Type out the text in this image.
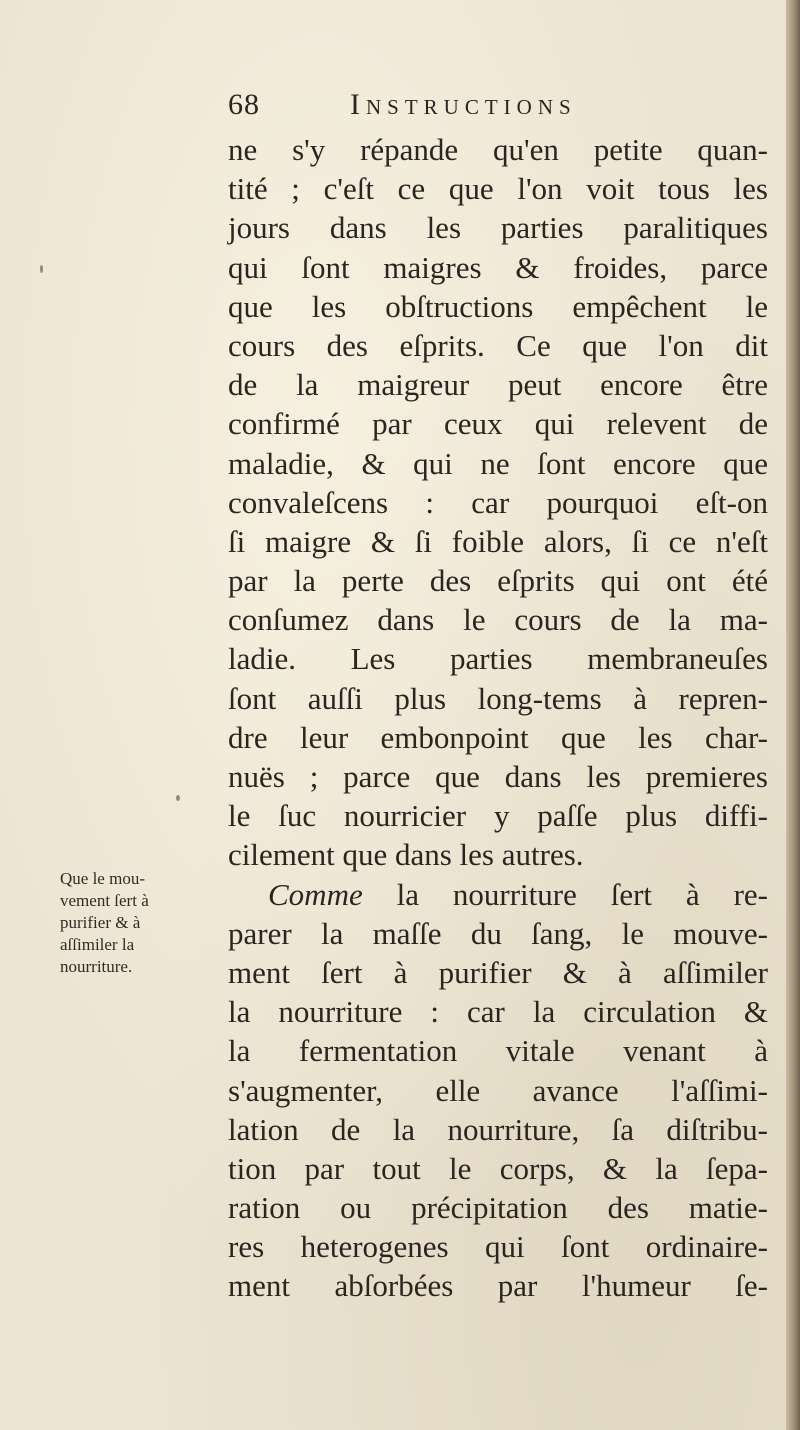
68	Instructions
ne s'y répande qu'en petite quan-
tité ; c'eſt ce que l'on voit tous les
jours dans les parties paralitiques
qui ſont maigres & froides, parce
que les obſtructions empêchent le
cours des eſprits. Ce que l'on dit
de la maigreur peut encore être
confirmé par ceux qui relevent de
maladie, & qui ne ſont encore que
convaleſcens : car pourquoi eſt-on
ſi maigre & ſi foible alors, ſi ce n'eſt
par la perte des eſprits qui ont été
conſumez dans le cours de la ma-
ladie. Les parties membraneuſes
ſont auſſi plus long-tems à repren-
dre leur embonpoint que les char-
nuës ; parce que dans les premieres
le ſuc nourricier y paſſe plus diffi-
cilement que dans les autres.
Comme la nourriture ſert à re-
parer la maſſe du ſang, le mouve-
ment ſert à purifier & à aſſimiler
la nourriture : car la circulation &
la fermentation vitale venant à
s'augmenter, elle avance l'aſſimi-
lation de la nourriture, ſa diſtribu-
tion par tout le corps, & la ſepa-
ration ou précipitation des matie-
res heterogenes qui ſont ordinaire-
ment abſorbées par l'humeur ſe-
Que le mou-
vement ſert à
purifier & à
aſſimiler la
nourriture.
